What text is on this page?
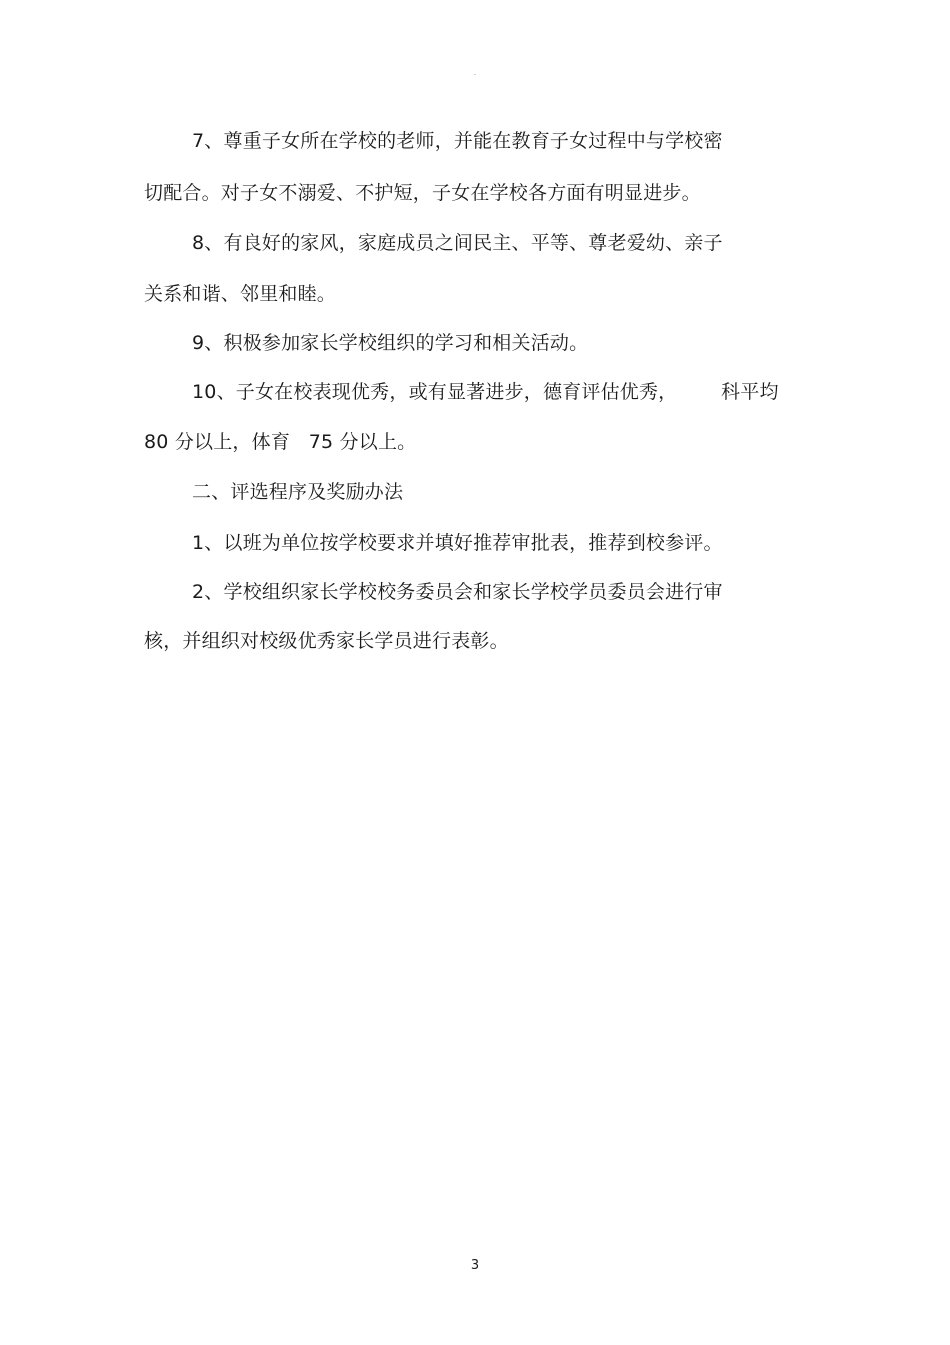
.
7、尊重子女所在学校的老师，并能在教育子女过程中与学校密
切配合。对子女不溺爱、不护短，子女在学校各方面有明显进步。
8、有良好的家风，家庭成员之间民主、平等、尊老爱幼、亲子
关系和谐、邻里和睦。
9、积极参加家长学校组织的学习和相关活动。
10、子女在校表现优秀，或有显著进步，德育评估优秀，       科平均
80 分以上，体育   75 分以上。
二、评选程序及奖励办法
1、以班为单位按学校要求并填好推荐审批表，推荐到校参评。
2、学校组织家长学校校务委员会和家长学校学员委员会进行审
核，并组织对校级优秀家长学员进行表彰。
3
